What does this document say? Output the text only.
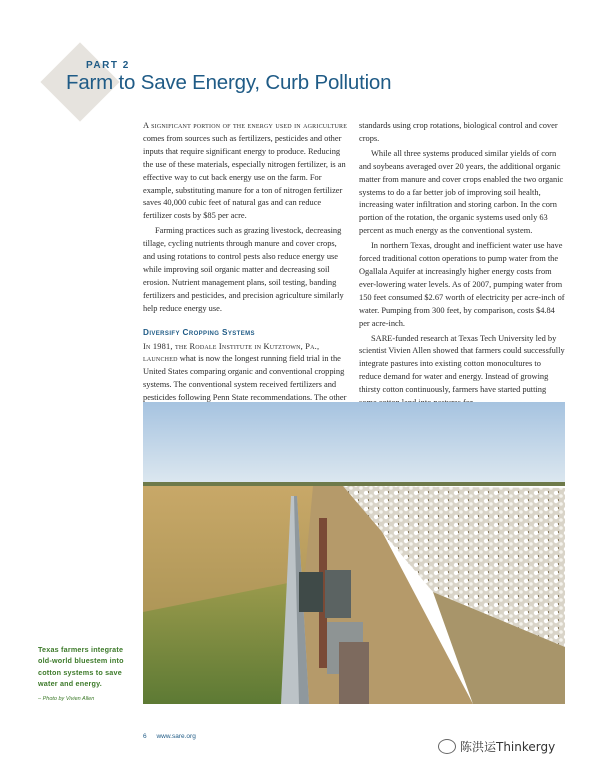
PART 2
Farm to Save Energy, Curb Pollution

A significant portion of the energy used in agriculture comes from sources such as fertilizers, pesticides and other inputs that require significant energy to produce. Reducing the use of these materials, especially nitrogen fertilizer, is an effective way to cut back energy use on the farm. For example, substituting manure for a ton of nitrogen fertilizer saves 40,000 cubic feet of natural gas and can reduce fertilizer costs by $85 per acre.

Farming practices such as grazing livestock, decreasing tillage, cycling nutrients through manure and cover crops, and using rotations to control pests also reduce energy use while improving soil organic matter and decreasing soil erosion. Nutrient management plans, soil testing, banding fertilizers and pesticides, and precision agriculture similarly help reduce energy use.

Diversify Cropping Systems

In 1981, the Rodale Institute in Kutztown, Pa., launched what is now the longest running field trial in the United States comparing organic and conventional cropping systems. The conventional system received fertilizers and pesticides following Penn State recommendations. The other

standards using crop rotations, biological control and cover crops.

While all three systems produced similar yields of corn and soybeans averaged over 20 years, the additional organic matter from manure and cover crops enabled the two organic systems to do a far better job of improving soil health, increasing water infiltration and storing carbon. In the corn portion of the rotation, the organic systems used only 63 percent as much energy as the conventional system.

In northern Texas, drought and inefficient water use have forced traditional cotton operations to pump water from the Ogallala Aquifer at increasingly higher energy costs from ever-lowering water levels. As of 2007, pumping water from 150 feet consumed $2.67 worth of electricity per acre-inch of water. Pumping from 300 feet, by comparison, costs $4.84 per acre-inch.

SARE-funded research at Texas Tech University led by scientist Vivien Allen showed that farmers could successfully integrate pastures into existing cotton monocultures to reduce demand for water and energy. Instead of growing thirsty cotton continuously, farmers have started putting

Texas farmers integrate old-world bluestem into cotton systems to save water and energy.
– Photo by Vivien Allen
6 www.sare.org
陈洪运Thinkergy
